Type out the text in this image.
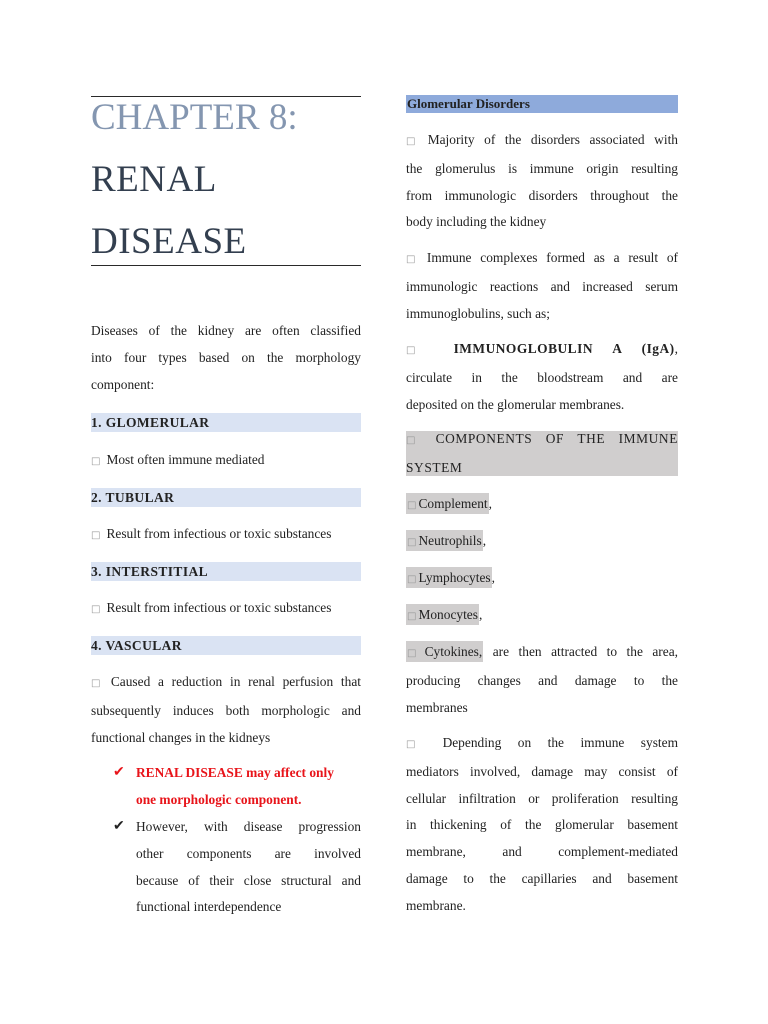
CHAPTER 8:
RENAL
DISEASE
Diseases of the kidney are often classified
into four types based on the morphology
component:
1. GLOMERULAR
□ Most often immune mediated
2. TUBULAR
□ Result from infectious or toxic substances
3. INTERSTITIAL
□ Result from infectious or toxic substances
4. VASCULAR
□ Caused a reduction in renal perfusion that
subsequently induces both morphologic and
functional changes in the kidneys
✔ RENAL DISEASE may affect only
one morphologic component.
✔ However, with disease progression
other components are involved
because of their close structural and
functional interdependence
Glomerular Disorders
□ Majority of the disorders associated with
the glomerulus is immune origin resulting
from immunologic disorders throughout the
body including the kidney
□ Immune complexes formed as a result of
immunologic reactions and increased serum
immunoglobulins, such as;
□ IMMUNOGLOBULIN A (IgA),
circulate in the bloodstream and are
deposited on the glomerular membranes.
□ COMPONENTS OF THE IMMUNE
SYSTEM
□ Complement,
□ Neutrophils,
□ Lymphocytes,
□ Monocytes,
□ Cytokines, are then attracted to the area,
producing changes and damage to the
membranes
□ Depending on the immune system
mediators involved, damage may consist of
cellular infiltration or proliferation resulting
in thickening of the glomerular basement
membrane, and complement-mediated
damage to the capillaries and basement
membrane.
